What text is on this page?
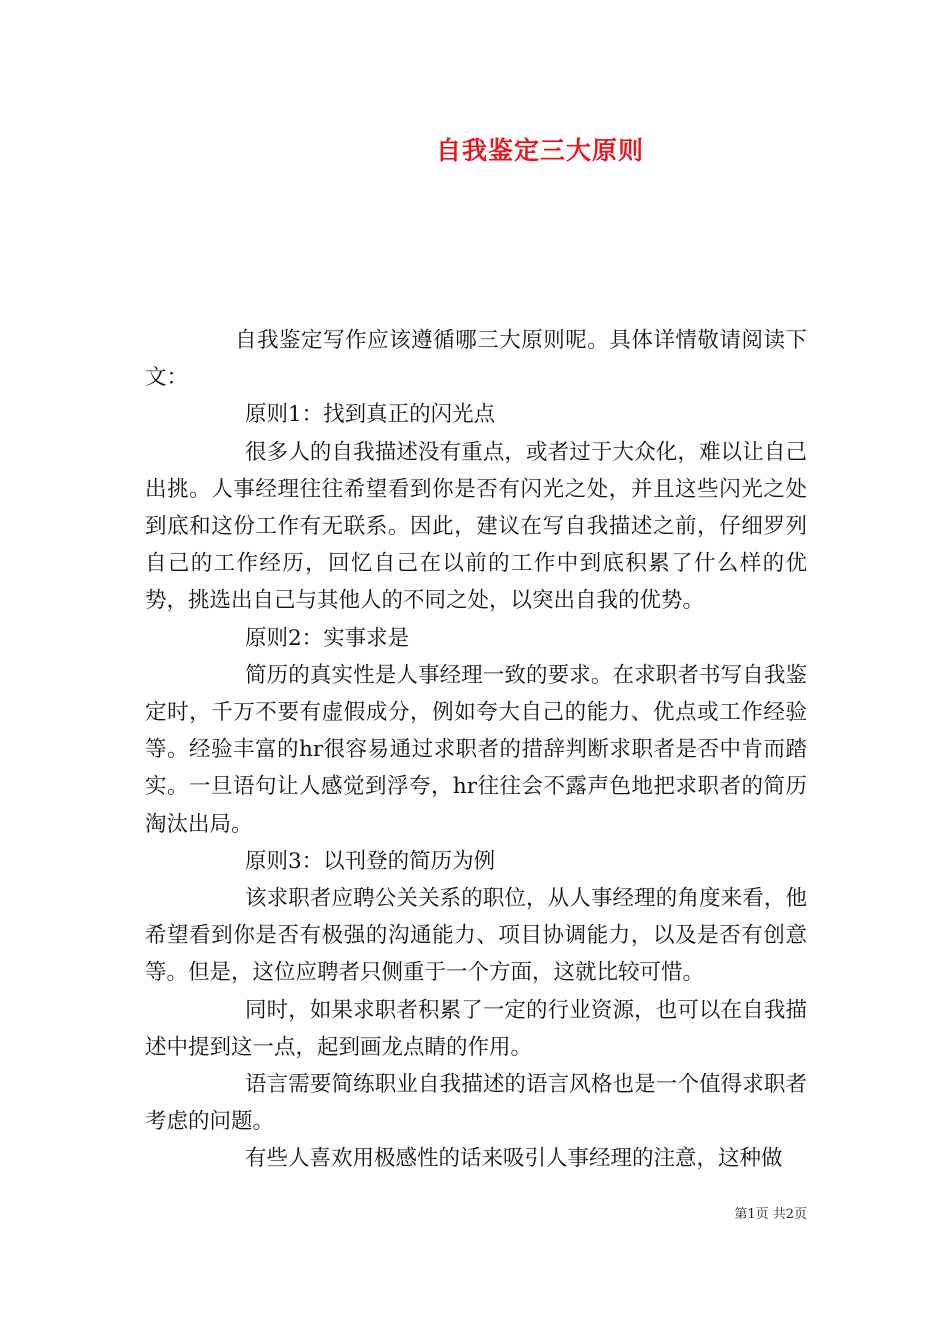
自我鉴定三大原则

自我鉴定写作应该遵循哪三大原则呢。具体详情敬请阅读下文：

原则1：找到真正的闪光点

很多人的自我描述没有重点，或者过于大众化，难以让自己出挑。人事经理往往希望看到你是否有闪光之处，并且这些闪光之处到底和这份工作有无联系。因此，建议在写自我描述之前，仔细罗列自己的工作经历，回忆自己在以前的工作中到底积累了什么样的优势，挑选出自己与其他人的不同之处，以突出自我的优势。

原则2：实事求是

简历的真实性是人事经理一致的要求。在求职者书写自我鉴定时，千万不要有虚假成分，例如夸大自己的能力、优点或工作经验等。经验丰富的hr很容易通过求职者的措辞判断求职者是否中肯而踏实。一旦语句让人感觉到浮夸，hr往往会不露声色地把求职者的简历淘汰出局。

原则3：以刊登的简历为例

该求职者应聘公关关系的职位，从人事经理的角度来看，他希望看到你是否有极强的沟通能力、项目协调能力，以及是否有创意等。但是，这位应聘者只侧重于一个方面，这就比较可惜。

同时，如果求职者积累了一定的行业资源，也可以在自我描述中提到这一点，起到画龙点睛的作用。

语言需要简练职业自我描述的语言风格也是一个值得求职者考虑的问题。

有些人喜欢用极感性的话来吸引人事经理的注意，这种做

第1页 共2页
